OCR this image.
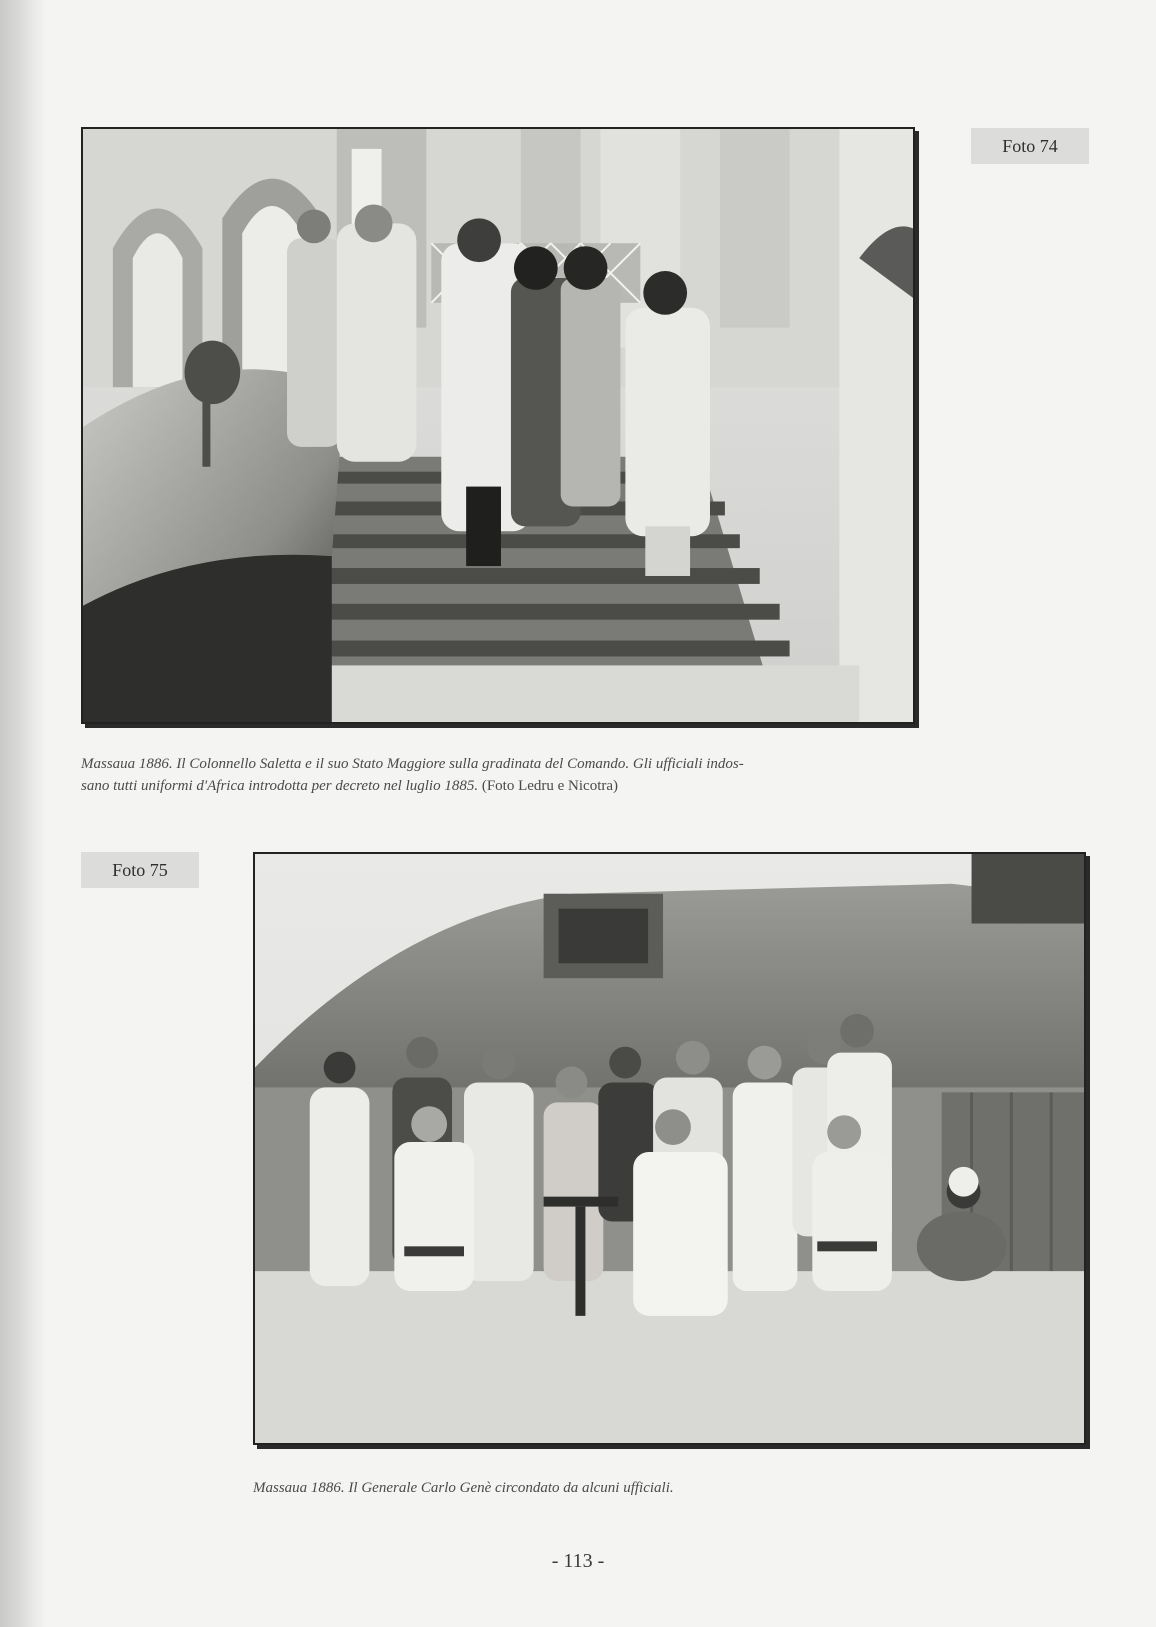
Foto 74
Massaua 1886. Il Colonnello Saletta e il suo Stato Maggiore sulla gradinata del Comando. Gli ufficiali indos-
sano tutti uniformi d'Africa introdotta per decreto nel luglio 1885. (Foto Ledru e Nicotra)
Foto 75
Massaua 1886. Il Generale Carlo Genè circondato da alcuni ufficiali.
- 113 -
